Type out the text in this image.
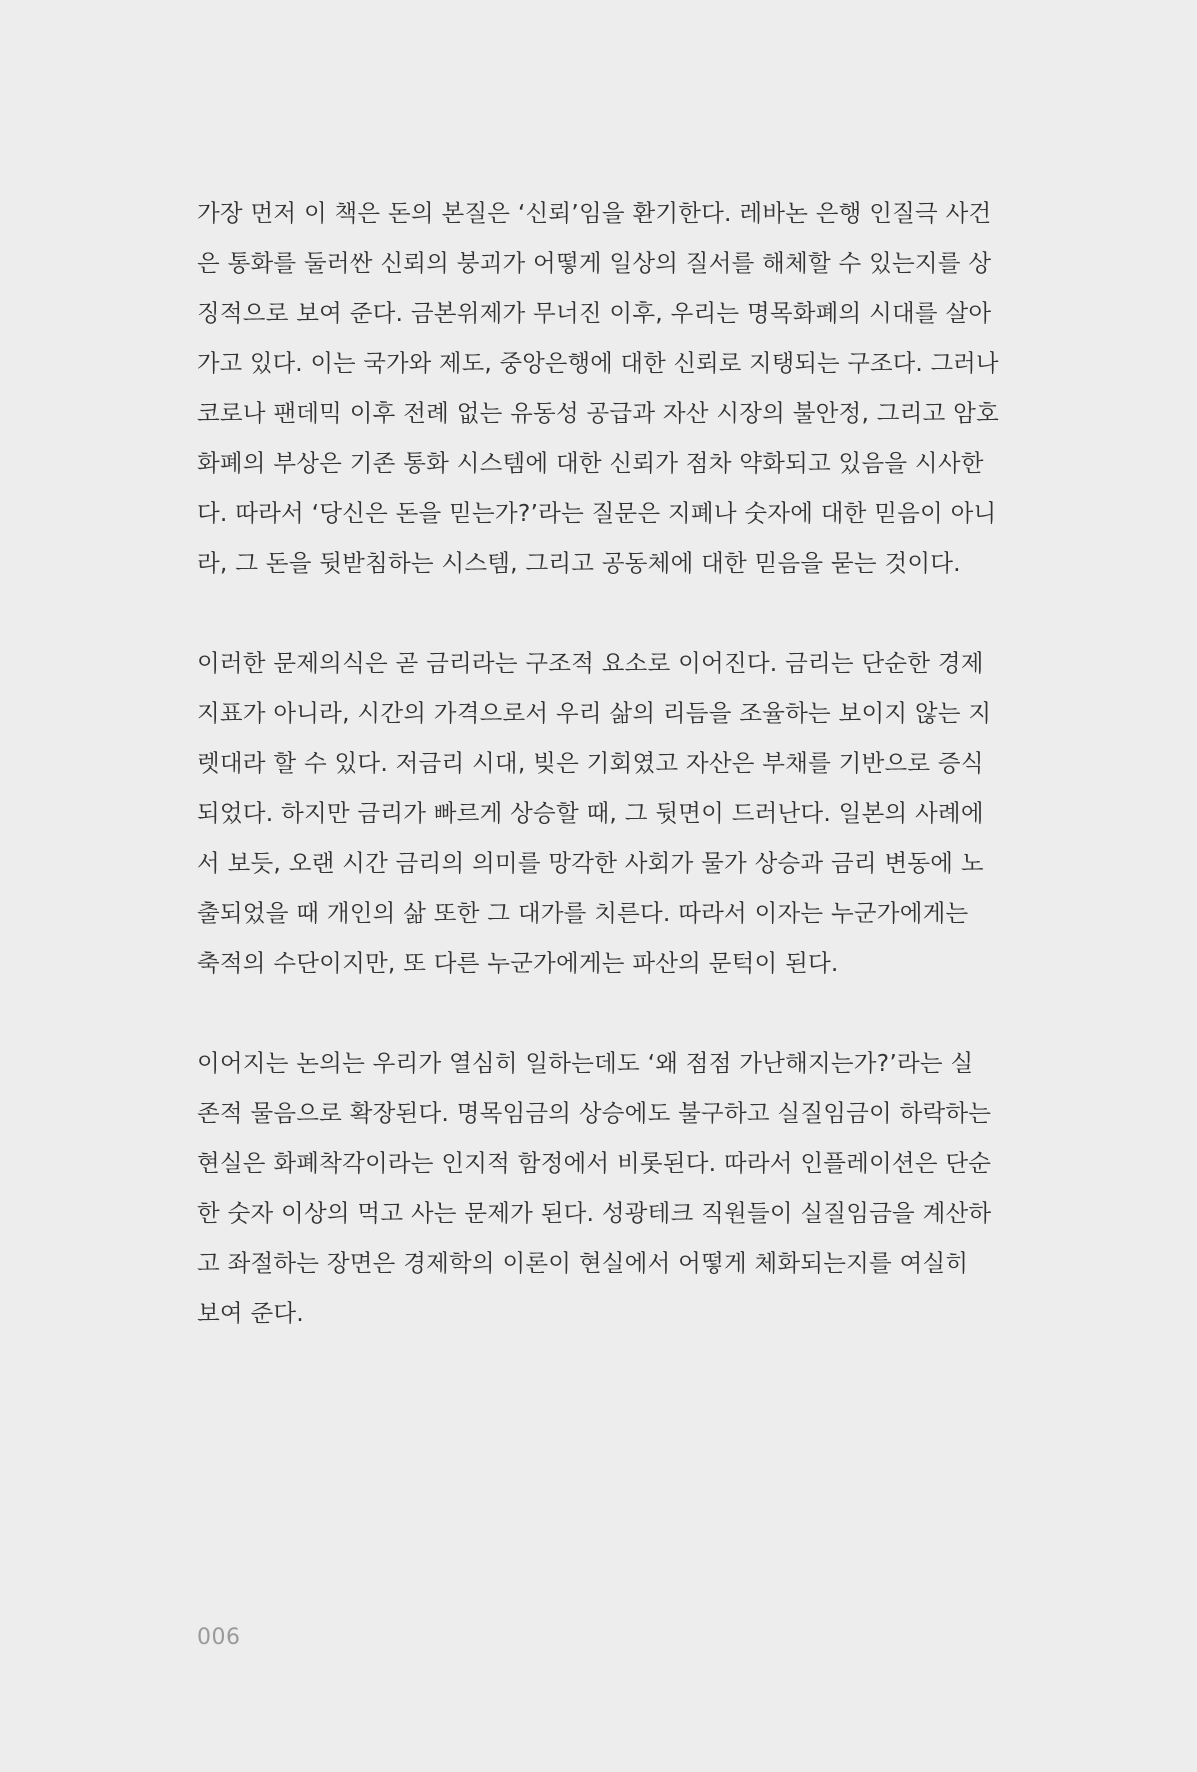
가장 먼저 이 책은 돈의 본질은 ‘신뢰’임을 환기한다. 레바논 은행 인질극 사건
은 통화를 둘러싼 신뢰의 붕괴가 어떻게 일상의 질서를 해체할 수 있는지를 상
징적으로 보여 준다. 금본위제가 무너진 이후, 우리는 명목화폐의 시대를 살아
가고 있다. 이는 국가와 제도, 중앙은행에 대한 신뢰로 지탱되는 구조다. 그러나
코로나 팬데믹 이후 전례 없는 유동성 공급과 자산 시장의 불안정, 그리고 암호
화폐의 부상은 기존 통화 시스템에 대한 신뢰가 점차 약화되고 있음을 시사한
다. 따라서 ‘당신은 돈을 믿는가?’라는 질문은 지폐나 숫자에 대한 믿음이 아니
라, 그 돈을 뒷받침하는 시스템, 그리고 공동체에 대한 믿음을 묻는 것이다.

이러한 문제의식은 곧 금리라는 구조적 요소로 이어진다. 금리는 단순한 경제
지표가 아니라, 시간의 가격으로서 우리 삶의 리듬을 조율하는 보이지 않는 지
렛대라 할 수 있다. 저금리 시대, 빚은 기회였고 자산은 부채를 기반으로 증식
되었다. 하지만 금리가 빠르게 상승할 때, 그 뒷면이 드러난다. 일본의 사례에
서 보듯, 오랜 시간 금리의 의미를 망각한 사회가 물가 상승과 금리 변동에 노
출되었을 때 개인의 삶 또한 그 대가를 치른다. 따라서 이자는 누군가에게는
축적의 수단이지만, 또 다른 누군가에게는 파산의 문턱이 된다.

이어지는 논의는 우리가 열심히 일하는데도 ‘왜 점점 가난해지는가?’라는 실
존적 물음으로 확장된다. 명목임금의 상승에도 불구하고 실질임금이 하락하는
현실은 화폐착각이라는 인지적 함정에서 비롯된다. 따라서 인플레이션은 단순
한 숫자 이상의 먹고 사는 문제가 된다. 성광테크 직원들이 실질임금을 계산하
고 좌절하는 장면은 경제학의 이론이 현실에서 어떻게 체화되는지를 여실히
보여 준다.

006
